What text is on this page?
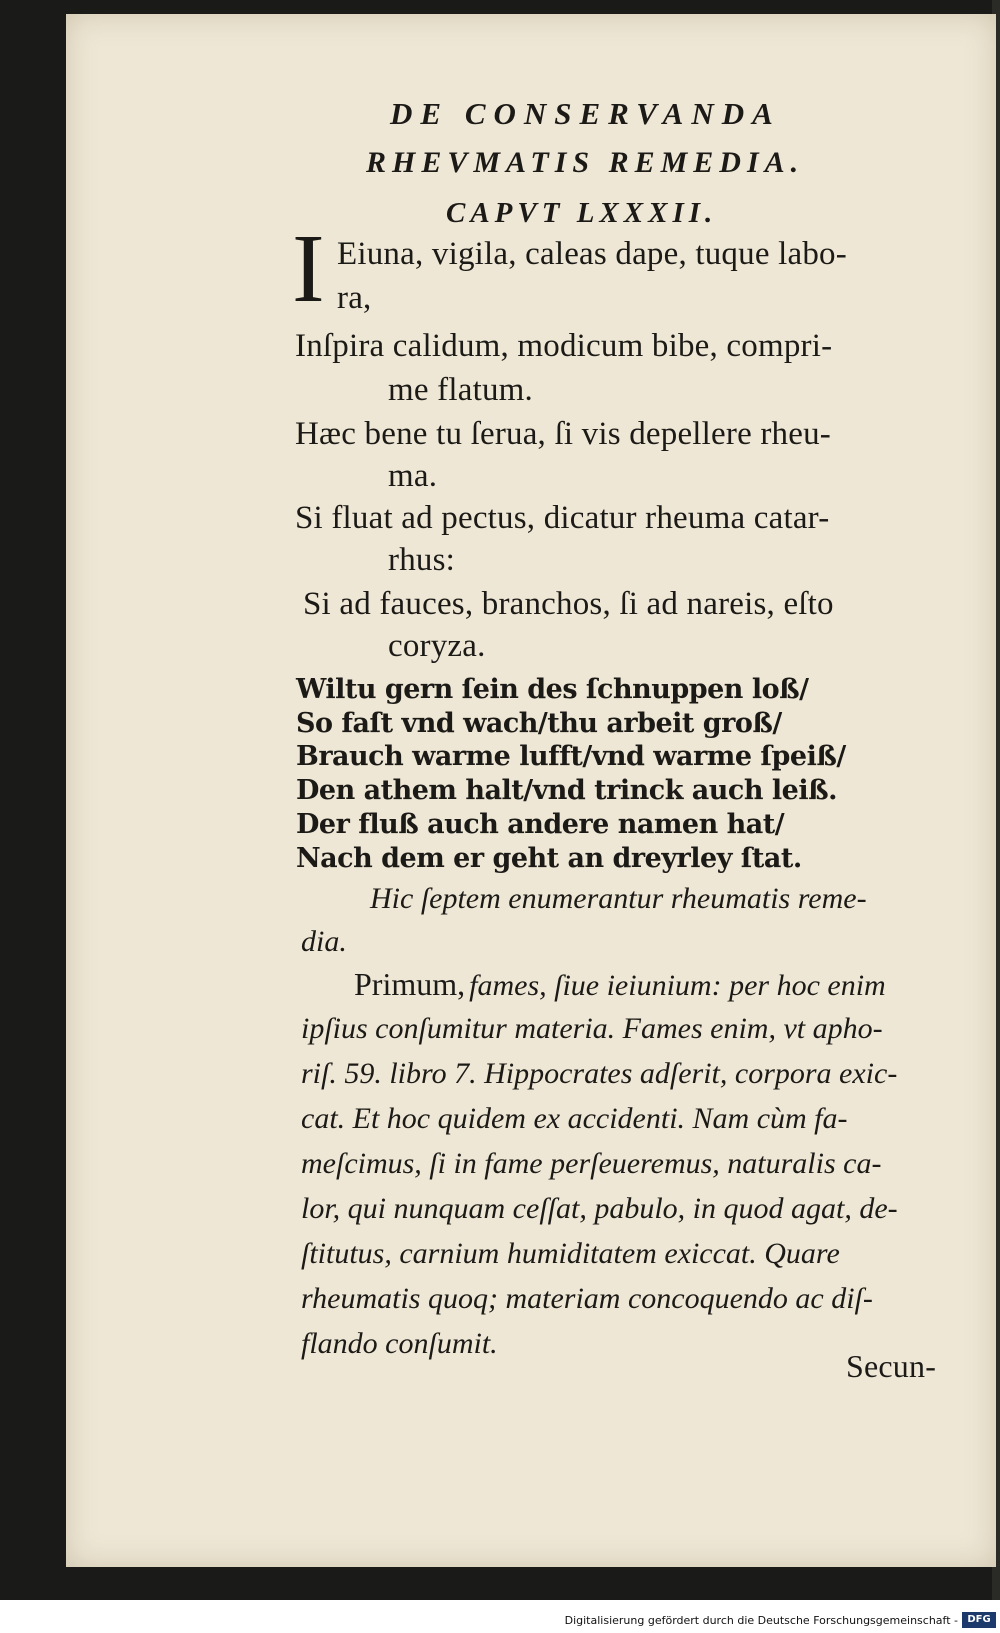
DE CONSERVANDA
RHEVMATIS REMEDIA.
CAPVT LXXXII.
I Eiuna, vigila, caleas dape, tuque labo-
ra,
Inſpira calidum, modicum bibe, compri-
me flatum.
Hæc bene tu ſerua, ſi vis depellere rheu-
ma.
Si fluat ad pectus, dicatur rheuma catar-
rhus:
Si ad fauces, branchos, ſi ad nareis, eſto
coryza.
Wiltu gern ſein des ſchnuppen loß/
So faſt vnd wach/thu arbeit groß/
Brauch warme lufft/vnd warme ſpeiß/
Den athem halt/vnd trinck auch leiß.
Der fluß auch andere namen hat/
Nach dem er geht an dreyrley ſtat.
Hic ſeptem enumerantur rheumatis reme-
dia.
Primum, fames, ſiue ieiunium: per hoc enim
ipſius conſumitur materia. Fames enim, vt apho-
riſ. 59. libro 7. Hippocrates adſerit, corpora exic-
cat. Et hoc quidem ex accidenti. Nam cùm fa-
meſcimus, ſi in fame perſeueremus, naturalis ca-
lor, qui nunquam ceſſat, pabulo, in quod agat, de-
ſtitutus, carnium humiditatem exiccat. Quare
rheumatis quoq; materiam concoquendo ac diſ-
flando conſumit.
Secun-
Digitalisierung gefördert durch die Deutsche Forschungsgemeinschaft - DFG
